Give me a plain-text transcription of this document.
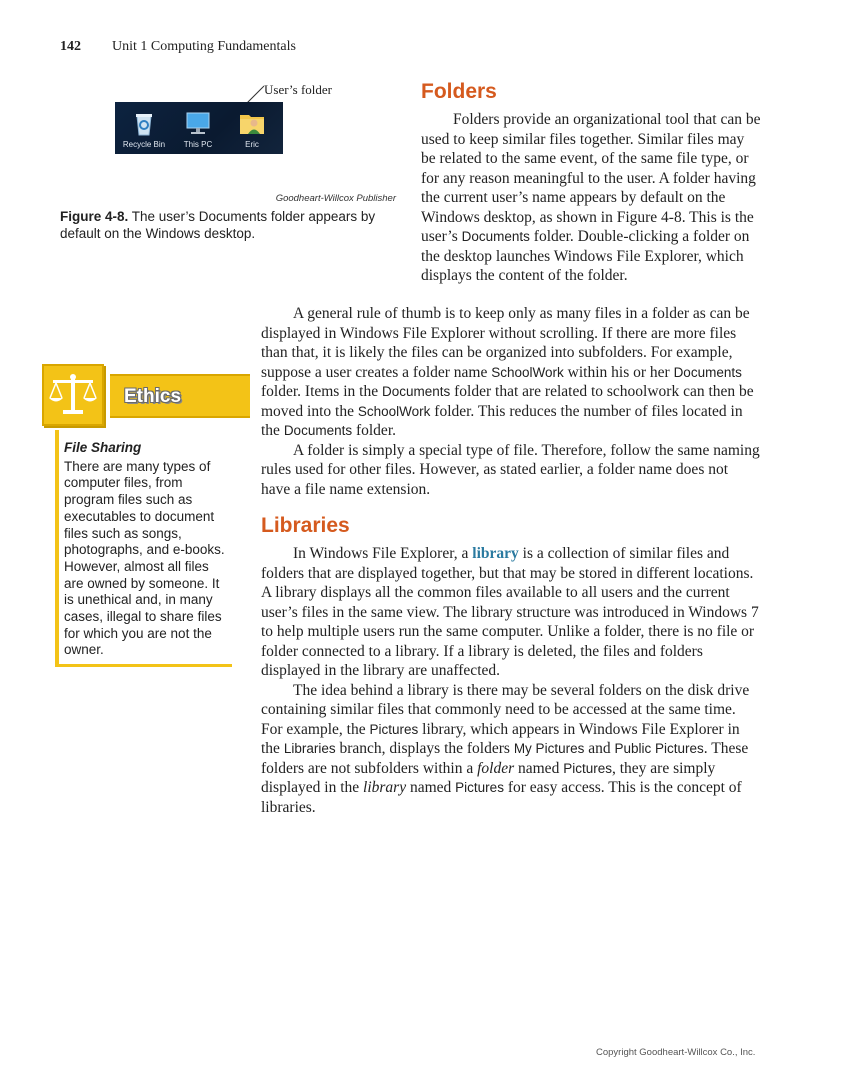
142 Unit 1 Computing Fundamentals
User’s folder
Recycle Bin	This PC	Eric
Goodheart-Willcox Publisher
Figure 4-8. The user’s Documents folder appears by default on the Windows desktop.
Ethics
File Sharing
There are many types of computer files, from program files such as executables to document files such as songs, photographs, and e-books. However, almost all files are owned by someone. It is unethical and, in many cases, illegal to share files for which you are not the owner.
Folders

Folders provide an organizational tool that can be used to keep similar files together. Similar files may be related to the same event, of the same file type, or for any reason meaningful to the user. A folder having the current user’s name appears by default on the Windows desktop, as shown in Figure 4-8. This is the user’s Documents folder. Double-clicking a folder on the desktop launches Windows File Explorer, which displays the content of the folder.

A general rule of thumb is to keep only as many files in a folder as can be displayed in Windows File Explorer without scrolling. If there are more files than that, it is likely the files can be organized into subfolders. For example, suppose a user creates a folder name SchoolWork within his or her Documents folder. Items in the Documents folder that are related to schoolwork can then be moved into the SchoolWork folder. This reduces the number of files located in the Documents folder.

A folder is simply a special type of file. Therefore, follow the same naming rules used for other files. However, as stated earlier, a folder name does not have a file name extension.

Libraries

In Windows File Explorer, a library is a collection of similar files and folders that are displayed together, but that may be stored in different locations. A library displays all the common files available to all users and the current user’s files in the same view. The library structure was introduced in Windows 7 to help multiple users run the same computer. Unlike a folder, there is no file or folder connected to a library. If a library is deleted, the files and folders displayed in the library are unaffected.

The idea behind a library is there may be several folders on the disk drive containing similar files that commonly need to be accessed at the same time. For example, the Pictures library, which appears in Windows File Explorer in the Libraries branch, displays the folders My Pictures and Public Pictures. These folders are not subfolders within a folder named Pictures, they are simply displayed in the library named Pictures for easy access. This is the concept of libraries.

Copyright Goodheart-Willcox Co., Inc.
